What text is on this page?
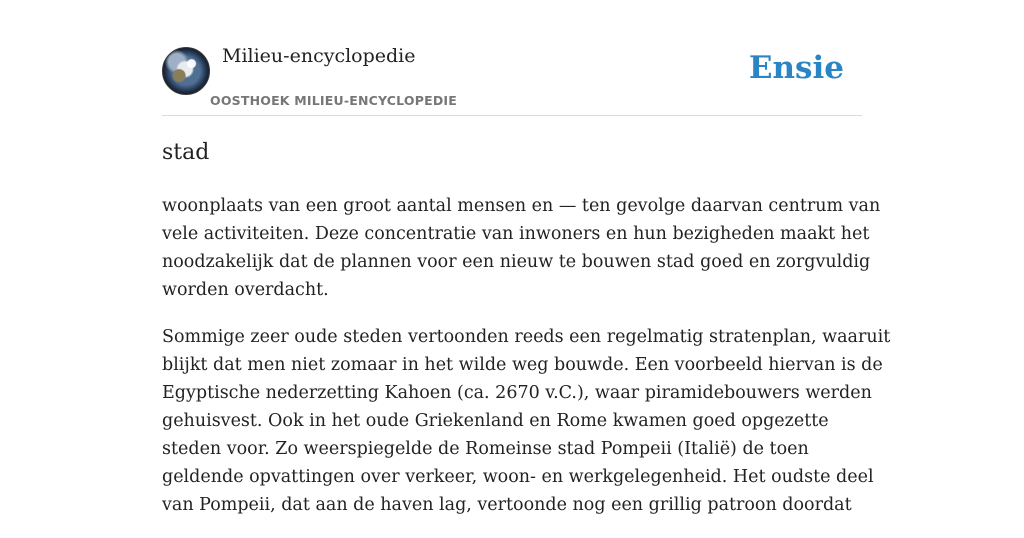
Milieu-encyclopedie
OOSTHOEK MILIEU-ENCYCLOPEDIE
Ensie
stad

woonplaats van een groot aantal mensen en — ten gevolge daarvan centrum van
vele activiteiten. Deze concentratie van inwoners en hun bezigheden maakt het
noodzakelijk dat de plannen voor een nieuw te bouwen stad goed en zorgvuldig
worden overdacht.

Sommige zeer oude steden vertoonden reeds een regelmatig stratenplan, waaruit
blijkt dat men niet zomaar in het wilde weg bouwde. Een voorbeeld hiervan is de
Egyptische nederzetting Kahoen (ca. 2670 v.C.), waar piramidebouwers werden
gehuisvest. Ook in het oude Griekenland en Rome kwamen goed opgezette
steden voor. Zo weerspiegelde de Romeinse stad Pompeii (Italië) de toen
geldende opvattingen over verkeer, woon- en werkgelegenheid. Het oudste deel
van Pompeii, dat aan de haven lag, vertoonde nog een grillig patroon doordat
